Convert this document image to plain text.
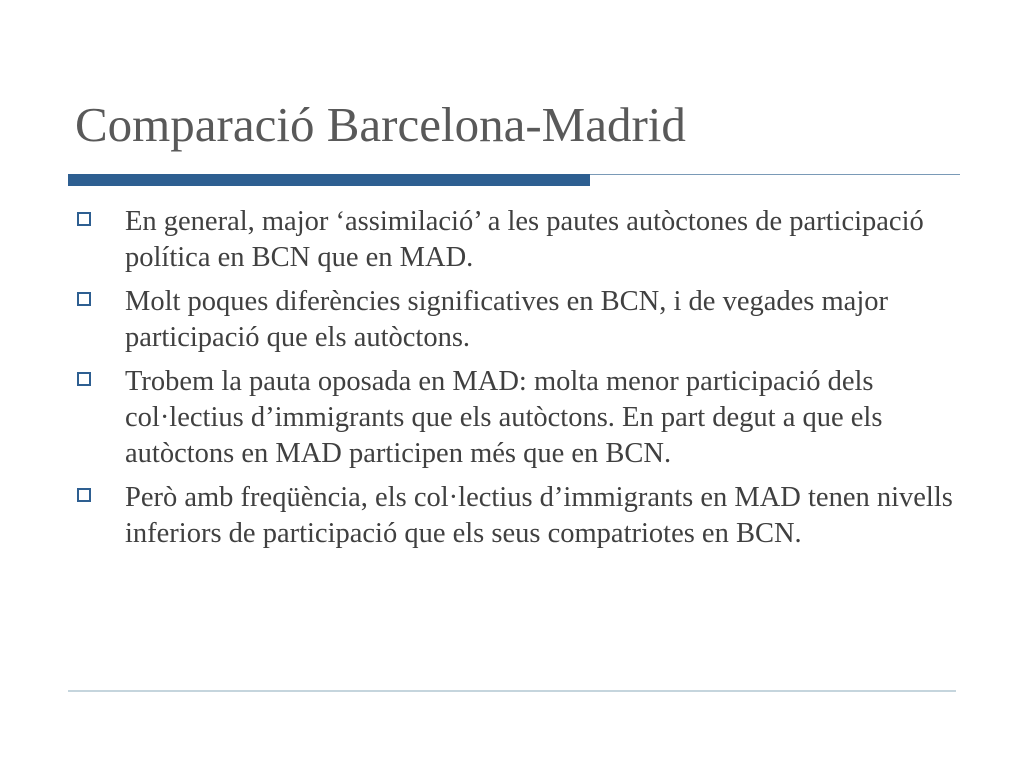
Comparació Barcelona-Madrid
En general, major ‘assimilació’ a les pautes autòctones de participació política en BCN que en MAD.
Molt poques diferències significatives en BCN, i de vegades major participació que els autòctons.
Trobem la pauta oposada en MAD: molta menor participació dels col·lectius d’immigrants que els autòctons. En part degut a que els autòctons en MAD participen més que en BCN.
Però amb freqüència, els col·lectius d’immigrants en MAD tenen nivells inferiors de participació que els seus compatriotes en BCN.
